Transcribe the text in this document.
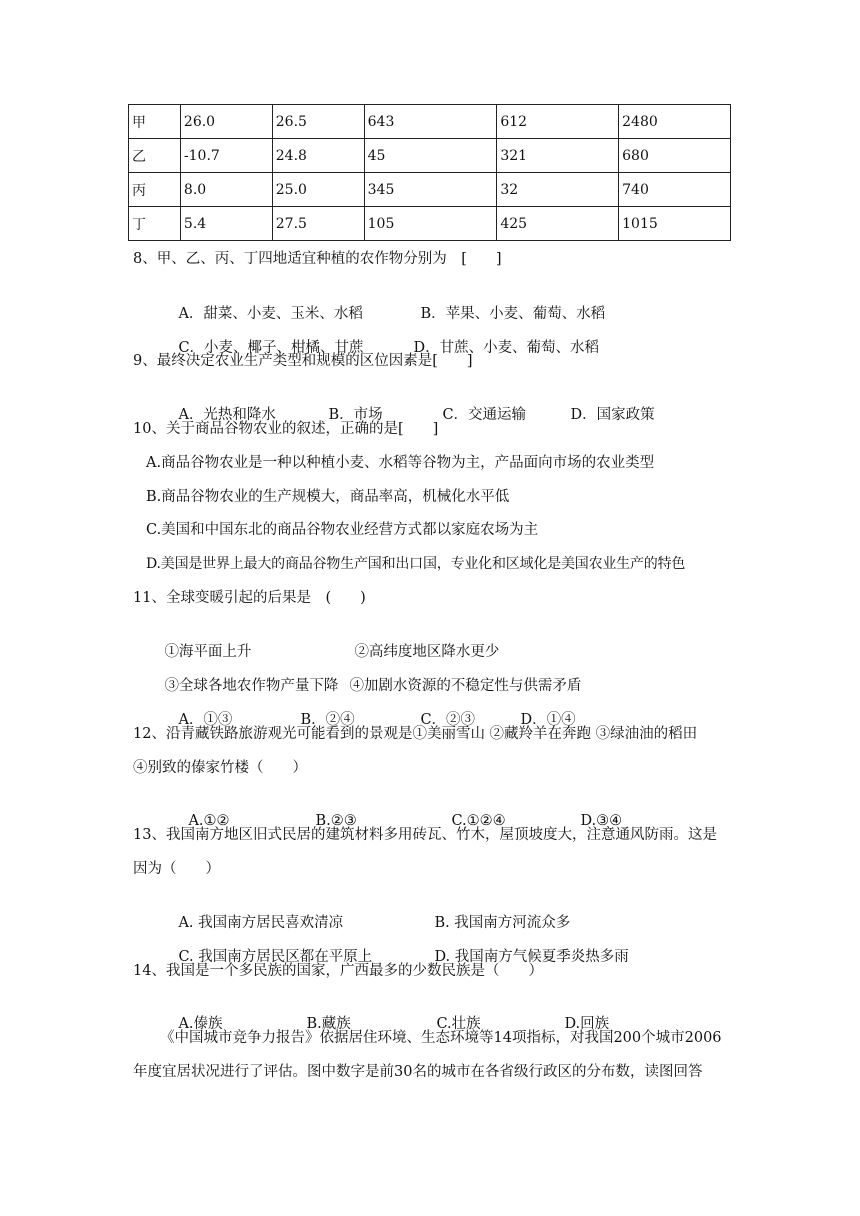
甲	26.0	26.5	643	612	2480
乙	-10.7	24.8	45	321	680
丙	8.0	25.0	345	32	740
丁	5.4	27.5	105	425	1015
8、甲、乙、丙、丁四地适宜种植的农作物分别为　[　　]

A．甜菜、小麦、玉米、水稻	B．苹果、小麦、葡萄、水稻

C．小麦、椰子、柑橘、甘蔗	D．甘蔗、小麦、葡萄、水稻

9、最终决定农业生产类型和规模的区位因素是[　　]

A．光热和降水	B．市场	C．交通运输	D．国家政策

10、关于商品谷物农业的叙述，正确的是[　　]
A.商品谷物农业是一种以种植小麦、水稻等谷物为主，产品面向市场的农业类型
B.商品谷物农业的生产规模大，商品率高，机械化水平低
C.美国和中国东北的商品谷物农业经营方式都以家庭农场为主
D.美国是世界上最大的商品谷物生产国和出口国，专业化和区域化是美国农业生产的特色
11、全球变暖引起的后果是　(　　)

①海平面上升	②高纬度地区降水更少

③全球各地农作物产量下降 ④加剧水资源的不稳定性与供需矛盾

A．①③	B．②④	C．②③	D．①④

12、沿青藏铁路旅游观光可能看到的景观是①美丽雪山 ②藏羚羊在奔跑 ③绿油油的稻田
④别致的傣家竹楼（　　）

A.①②	B.②③	C.①②④	D.③④

13、我国南方地区旧式民居的建筑材料多用砖瓦、竹木，屋顶坡度大，注意通风防雨。这是
因为（　　）

A. 我国南方居民喜欢清凉	B. 我国南方河流众多

C. 我国南方居民区都在平原上	D. 我国南方气候夏季炎热多雨

14、我国是一个多民族的国家，广西最多的少数民族是（　　）

A.傣族	B.藏族	C.壮族	D.回族

《中国城市竞争力报告》依据居住环境、生态环境等14项指标，对我国200个城市2006
年度宜居状况进行了评估。图中数字是前30名的城市在各省级行政区的分布数，读图回答
